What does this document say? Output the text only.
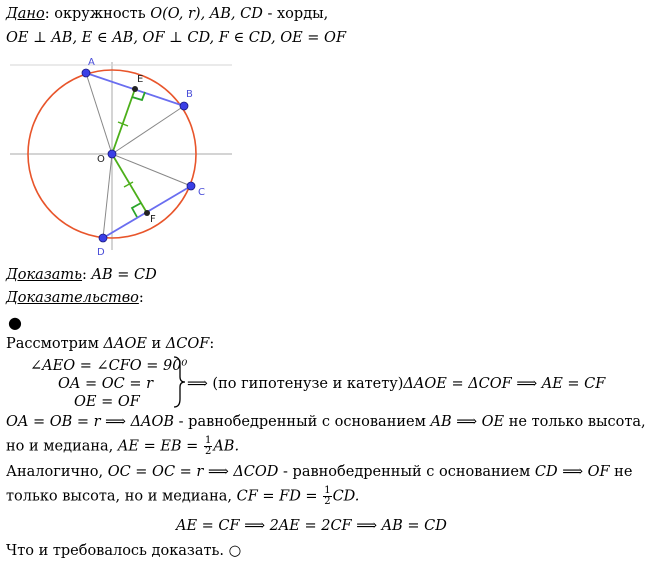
Дано: окружность O(O, r), AB, CD - хорды,
OE ⊥ AB, E ∈ AB, OF ⊥ CD, F ∈ CD, OE = OF
A
B
C
D
E
F
O
Доказать: AB = CD
Доказательство:
●
Рассмотрим ΔAOE и ΔCOF:
∠AEO = ∠CFO = 90⁰
OA = OC = r
OE = OF
⟹ (по гипотенузе и катету)ΔAOE = ΔCOF ⟹ AE = CF
OA = OB = r ⟹ ΔAOB - равнобедренный с основанием AB ⟹ OE не только высота,
но и медиана, AE = EB = $\frac{1}{2}$ AB.
Аналогично, OC = OC = r ⟹ ΔCOD - равнобедренный с основанием CD ⟹ OF не
только высота, но и медиана, CF = FD = $\frac{1}{2}$ CD.
AE = CF ⟹ 2AE = 2CF ⟹ AB = CD
Что и требовалось доказать. ○
